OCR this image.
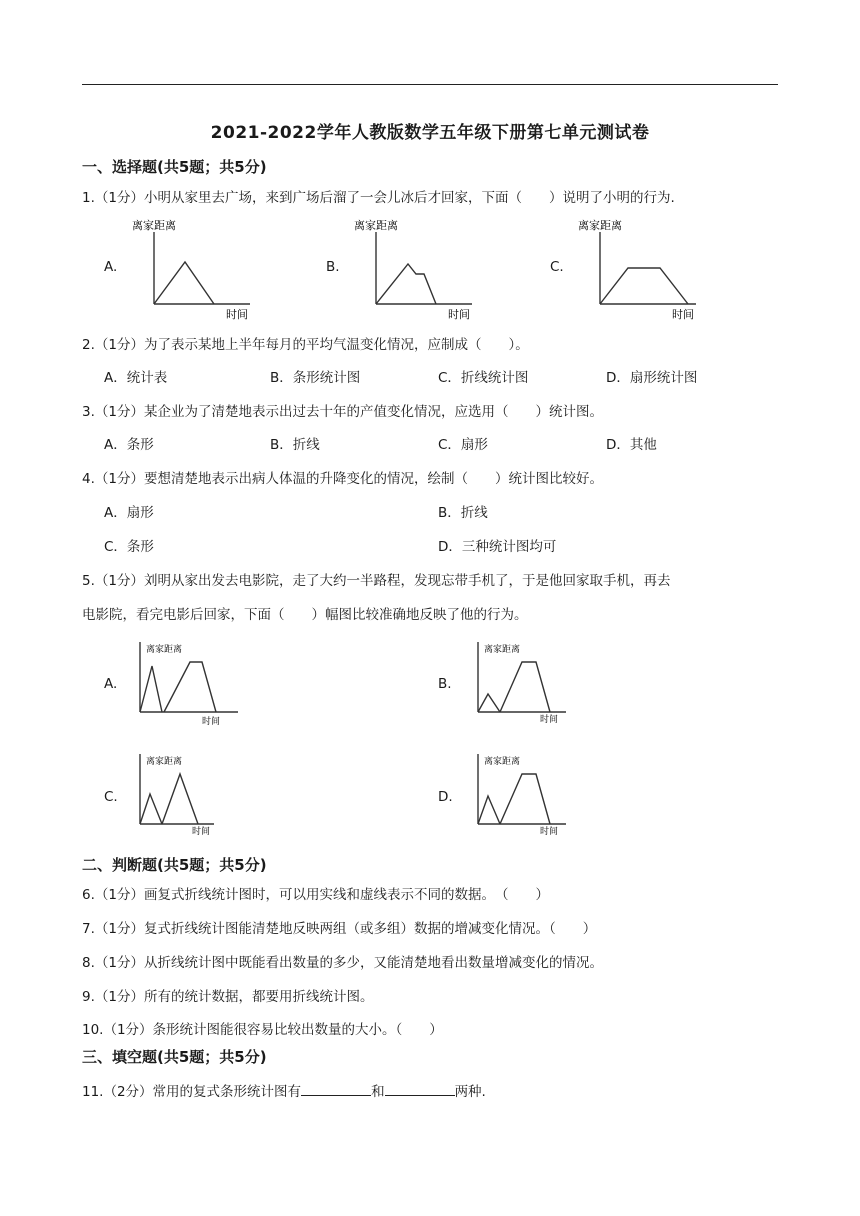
2021-2022学年人教版数学五年级下册第七单元测试卷
一、选择题(共5题；共5分)
1.（1分）小明从家里去广场，来到广场后溜了一会儿冰后才回家，下面（　　）说明了小明的行为.
A.	B.	C.
离家距离
时间
离家距离
时间
离家距离
时间
2.（1分）为了表示某地上半年每月的平均气温变化情况，应制成（　　）。
A．统计表	B．条形统计图	C．折线统计图	D．扇形统计图
3.（1分）某企业为了清楚地表示出过去十年的产值变化情况，应选用（　　）统计图。
A．条形	B．折线	C．扇形	D．其他
4.（1分）要想清楚地表示出病人体温的升降变化的情况，绘制（　　）统计图比较好。
A．扇形	B．折线
C．条形	D．三种统计图均可
5.（1分）刘明从家出发去电影院，走了大约一半路程，发现忘带手机了，于是他回家取手机，再去
电影院，看完电影后回家，下面（　　）幅图比较准确地反映了他的行为。
A.	B.
C.	D.
离家距离
时间
离家距离
时间
离家距离
时间
离家距离
时间
二、判断题(共5题；共5分)
6.（1分）画复式折线统计图时，可以用实线和虚线表示不同的数据。　（　　）
7.（1分）复式折线统计图能清楚地反映两组（或多组）数据的增减变化情况。（　　）
8.（1分）从折线统计图中既能看出数量的多少，又能清楚地看出数量增减变化的情况。
9.（1分）所有的统计数据，都要用折线统计图。
10.（1分）条形统计图能很容易比较出数量的大小。（　　）
三、填空题(共5题；共5分)
11.（2分）常用的复式条形统计图有	和	两种.
